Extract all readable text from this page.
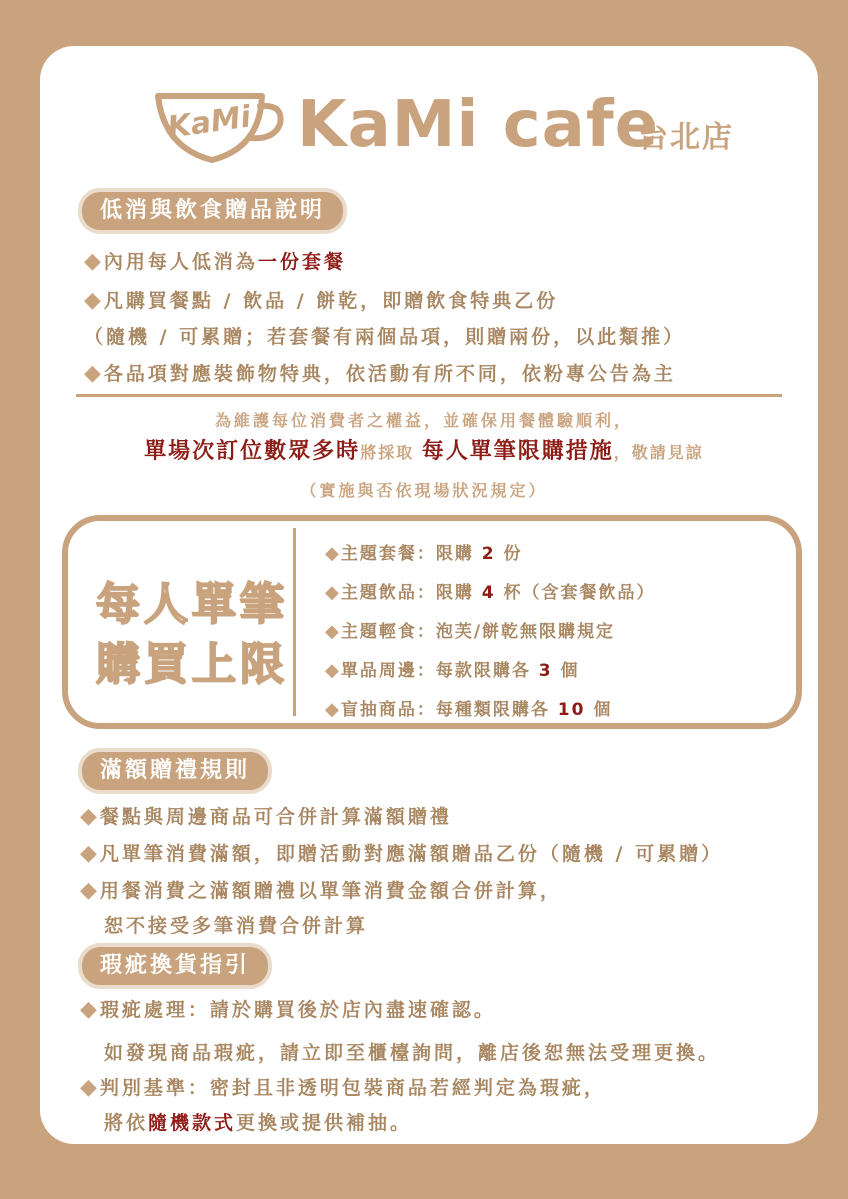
KaMi KaMi cafe
台北店
低消與飲食贈品說明
◆內用每人低消為一份套餐
◆凡購買餐點 / 飲品 / 餅乾，即贈飲食特典乙份
（隨機 / 可累贈；若套餐有兩個品項，則贈兩份，以此類推）
◆各品項對應裝飾物特典，依活動有所不同，依粉專公告為主
為維護每位消費者之權益，並確保用餐體驗順利，
單場次訂位數眾多時將採取 每人單筆限購措施，敬請見諒
（實施與否依現場狀況規定）
每人單筆
購買上限
◆主題套餐：限購 2 份
◆主題飲品：限購 4 杯（含套餐飲品）
◆主題輕食：泡芙/餅乾無限購規定
◆單品周邊：每款限購各 3 個
◆盲抽商品：每種類限購各 10 個
滿額贈禮規則
◆餐點與周邊商品可合併計算滿額贈禮
◆凡單筆消費滿額，即贈活動對應滿額贈品乙份（隨機 / 可累贈）
◆用餐消費之滿額贈禮以單筆消費金額合併計算，
恕不接受多筆消費合併計算
瑕疵換貨指引
◆瑕疵處理：請於購買後於店內盡速確認。
如發現商品瑕疵，請立即至櫃檯詢問，離店後恕無法受理更換。
◆判別基準：密封且非透明包裝商品若經判定為瑕疵，
將依隨機款式更換或提供補抽。
